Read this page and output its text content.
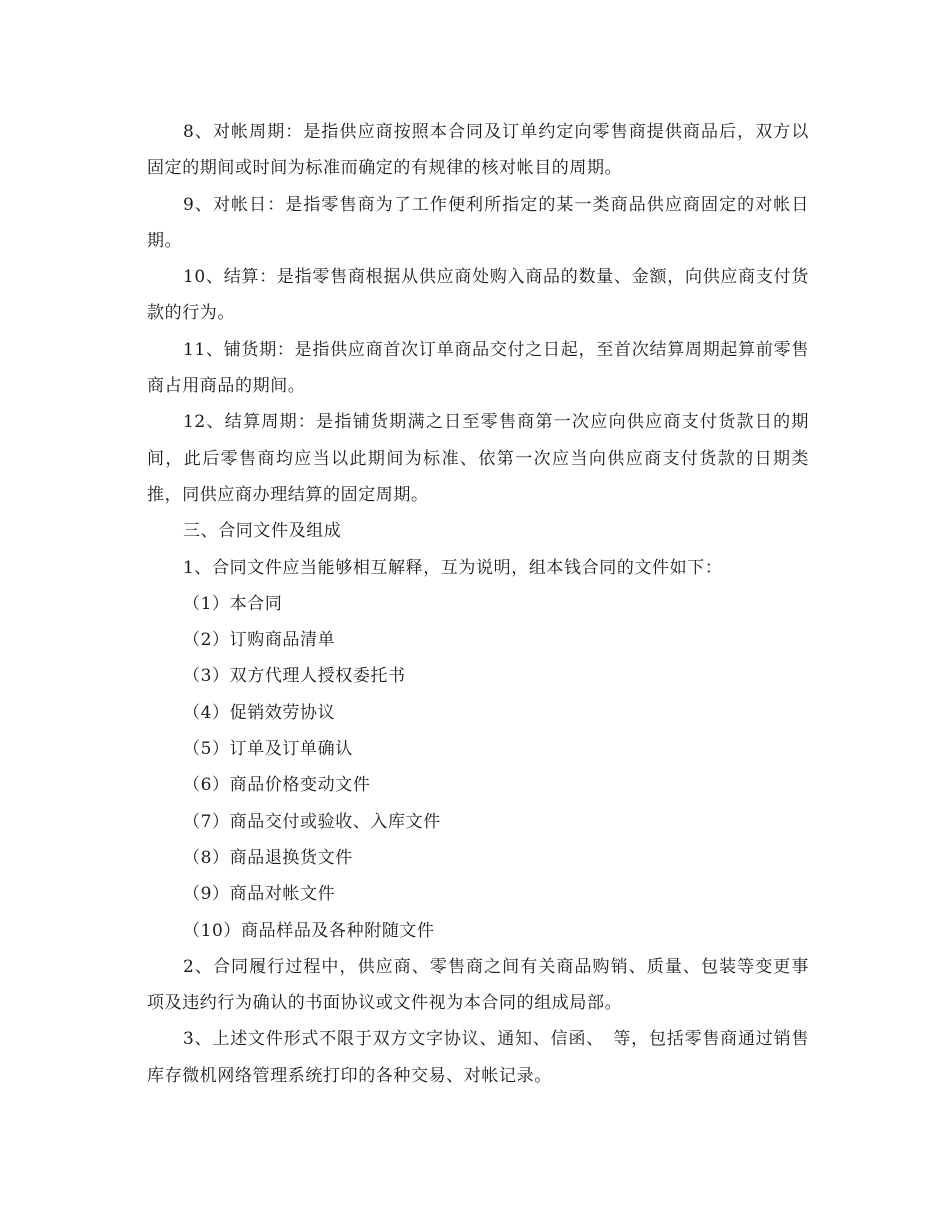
8、对帐周期：是指供应商按照本合同及订单约定向零售商提供商品后，双方以固定的期间或时间为标准而确定的有规律的核对帐目的周期。

9、对帐日：是指零售商为了工作便利所指定的某一类商品供应商固定的对帐日期。

10、结算：是指零售商根据从供应商处购入商品的数量、金额，向供应商支付货款的行为。

11、铺货期：是指供应商首次订单商品交付之日起，至首次结算周期起算前零售商占用商品的期间。

12、结算周期：是指铺货期满之日至零售商第一次应向供应商支付货款日的期间，此后零售商均应当以此期间为标准、依第一次应当向供应商支付货款的日期类推，同供应商办理结算的固定周期。

三、合同文件及组成

1、合同文件应当能够相互解释，互为说明，组本钱合同的文件如下：

（1）本合同

（2）订购商品清单

（3）双方代理人授权委托书

（4）促销效劳协议

（5）订单及订单确认

（6）商品价格变动文件

（7）商品交付或验收、入库文件

（8）商品退换货文件

（9）商品对帐文件

（10）商品样品及各种附随文件

2、合同履行过程中，供应商、零售商之间有关商品购销、质量、包装等变更事项及违约行为确认的书面协议或文件视为本合同的组成局部。

3、上述文件形式不限于双方文字协议、通知、信函、　等，包括零售商通过销售库存微机网络管理系统打印的各种交易、对帐记录。
